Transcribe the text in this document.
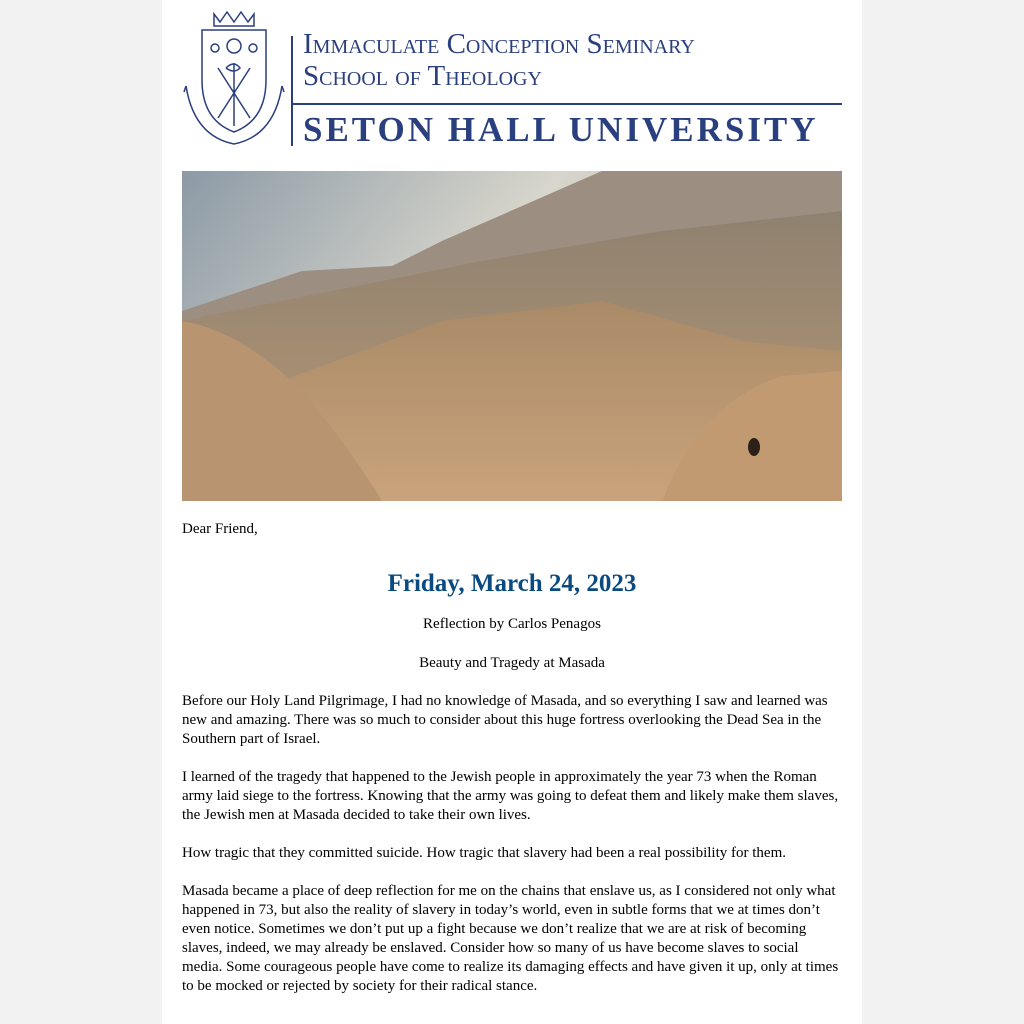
Immaculate Conception Seminary
School of Theology
SETON HALL UNIVERSITY

Dear Friend,

Friday, March 24, 2023

Reflection by Carlos Penagos

Beauty and Tragedy at Masada

Before our Holy Land Pilgrimage, I had no knowledge of Masada, and so everything I saw and learned was new and amazing. There was so much to consider about this huge fortress overlooking the Dead Sea in the Southern part of Israel.

I learned of the tragedy that happened to the Jewish people in approximately the year 73 when the Roman army laid siege to the fortress. Knowing that the army was going to defeat them and likely make them slaves, the Jewish men at Masada decided to take their own lives.

How tragic that they committed suicide. How tragic that slavery had been a real possibility for them.

Masada became a place of deep reflection for me on the chains that enslave us, as I considered not only what happened in 73, but also the reality of slavery in today’s world, even in subtle forms that we at times don’t even notice. Sometimes we don’t put up a fight because we don’t realize that we are at risk of becoming slaves, indeed, we may already be enslaved. Consider how so many of us have become slaves to social media. Some courageous people have come to realize its damaging effects and have given it up, only at times to be mocked or rejected by society for their radical stance.
